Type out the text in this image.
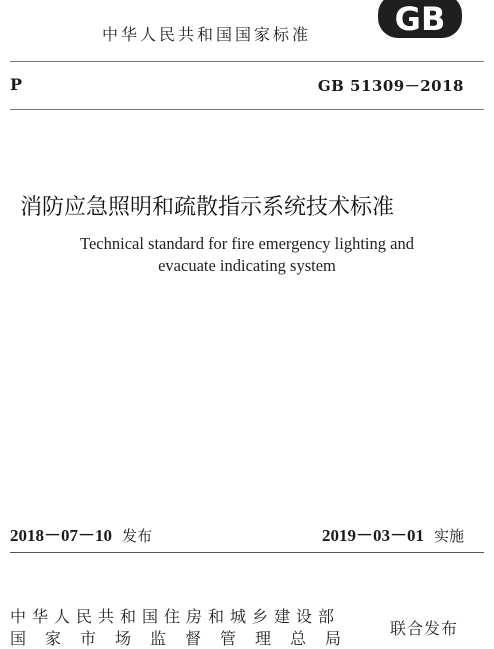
中华人民共和国国家标准	GB
P	GB 51309－2018
消防应急照明和疏散指示系统技术标准
Technical standard for fire emergency lighting and
evacuate indicating system
2018－07－10 发布	2019－03－01 实施
中华人民共和国住房和城乡建设部
国家市场监督管理总局
联合发布
